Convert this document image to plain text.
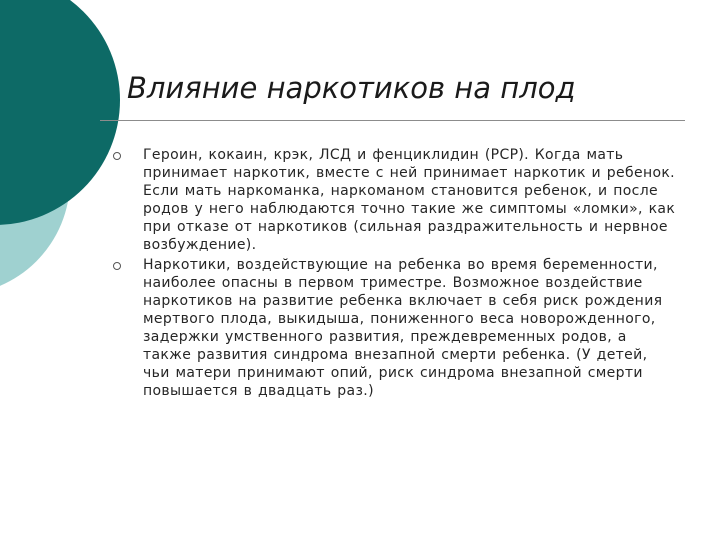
Влияние наркотиков на плод
Героин, кокаин, крэк, ЛСД и фенциклидин (РСР). Когда мать принимает наркотик, вместе с ней принимает наркотик и ребенок. Если мать наркоманка, наркоманом становится ребенок, и после родов у него наблюдаются точно такие же симптомы «ломки», как при отказе от наркотиков (сильная раздражительность и нервное возбуждение).
Наркотики, воздействующие на ребенка во время беременности, наиболее опасны в первом триместре. Возможное воздействие наркотиков на развитие ребенка включает в себя риск рождения мертвого плода, выкидыша, пониженного веса новорожденного, задержки умственного развития, преждевременных родов, а также развития синдрома внезапной смерти ребенка. (У детей, чьи матери принимают опий, риск синдрома внезапной смерти повышается в двадцать раз.)
